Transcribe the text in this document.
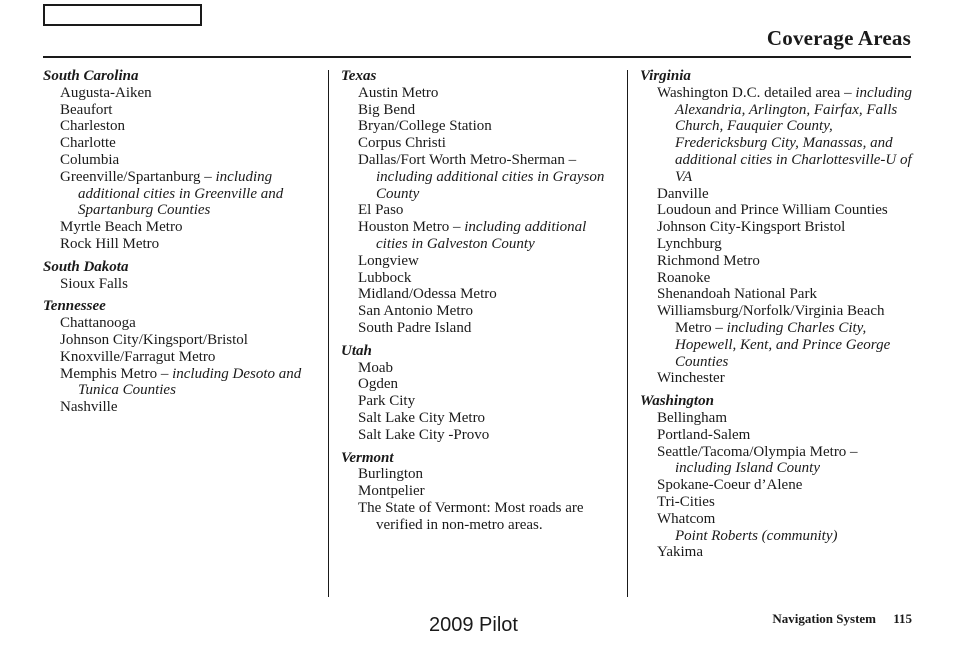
Coverage Areas
South Carolina
Augusta-Aiken
Beaufort
Charleston
Charlotte
Columbia
Greenville/Spartanburg – including additional cities in Greenville and Spartanburg Counties
Myrtle Beach Metro
Rock Hill Metro
South Dakota
Sioux Falls
Tennessee
Chattanooga
Johnson City/Kingsport/Bristol
Knoxville/Farragut Metro
Memphis Metro – including Desoto and Tunica Counties
Nashville
Texas
Austin Metro
Big Bend
Bryan/College Station
Corpus Christi
Dallas/Fort Worth Metro-Sherman – including additional cities in Grayson County
El Paso
Houston Metro – including additional cities in Galveston County
Longview
Lubbock
Midland/Odessa Metro
San Antonio Metro
South Padre Island
Utah
Moab
Ogden
Park City
Salt Lake City Metro
Salt Lake City -Provo
Vermont
Burlington
Montpelier
The State of Vermont: Most roads are verified in non-metro areas.
Virginia
Washington D.C. detailed area – including Alexandria, Arlington, Fairfax, Falls Church, Fauquier County, Fredericksburg City, Manassas, and additional cities in Charlottesville-U of VA
Danville
Loudoun and Prince William Counties
Johnson City-Kingsport Bristol
Lynchburg
Richmond Metro
Roanoke
Shenandoah National Park
Williamsburg/Norfolk/Virginia Beach Metro – including Charles City, Hopewell, Kent, and Prince George Counties
Winchester
Washington
Bellingham
Portland-Salem
Seattle/Tacoma/Olympia Metro – including Island County
Spokane-Coeur d’Alene
Tri-Cities
Whatcom
Point Roberts (community)
Yakima
2009 Pilot	Navigation System 115
